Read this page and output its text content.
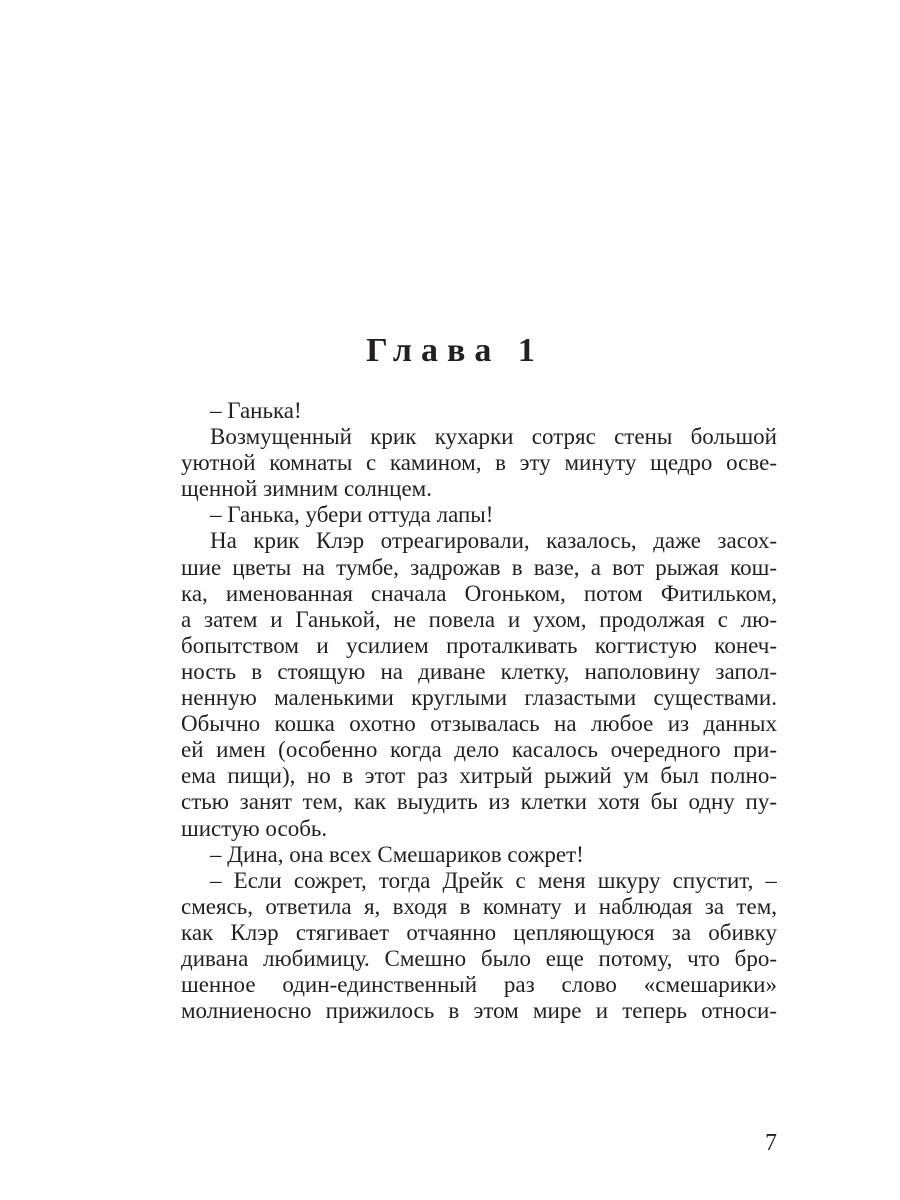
Глава 1
– Ганька!
Возмущенный крик кухарки сотряс стены большой
уютной комнаты с камином, в эту минуту щедро осве-
щенной зимним солнцем.
– Ганька, убери оттуда лапы!
На крик Клэр отреагировали, казалось, даже засох-
шие цветы на тумбе, задрожав в вазе, а вот рыжая кош-
ка, именованная сначала Огоньком, потом Фитильком,
а затем и Ганькой, не повела и ухом, продолжая с лю-
бопытством и усилием проталкивать когтистую конеч-
ность в стоящую на диване клетку, наполовину запол-
ненную маленькими круглыми глазастыми существами.
Обычно кошка охотно отзывалась на любое из данных
ей имен (особенно когда дело касалось очередного при-
ема пищи), но в этот раз хитрый рыжий ум был полно-
стью занят тем, как выудить из клетки хотя бы одну пу-
шистую особь.
– Дина, она всех Смешариков сожрет!
– Если сожрет, тогда Дрейк с меня шкуру спустит, –
смеясь, ответила я, входя в комнату и наблюдая за тем,
как Клэр стягивает отчаянно цепляющуюся за обивку
дивана любимицу. Смешно было еще потому, что бро-
шенное один-единственный раз слово «смешарики»
молниеносно прижилось в этом мире и теперь относи-
7
